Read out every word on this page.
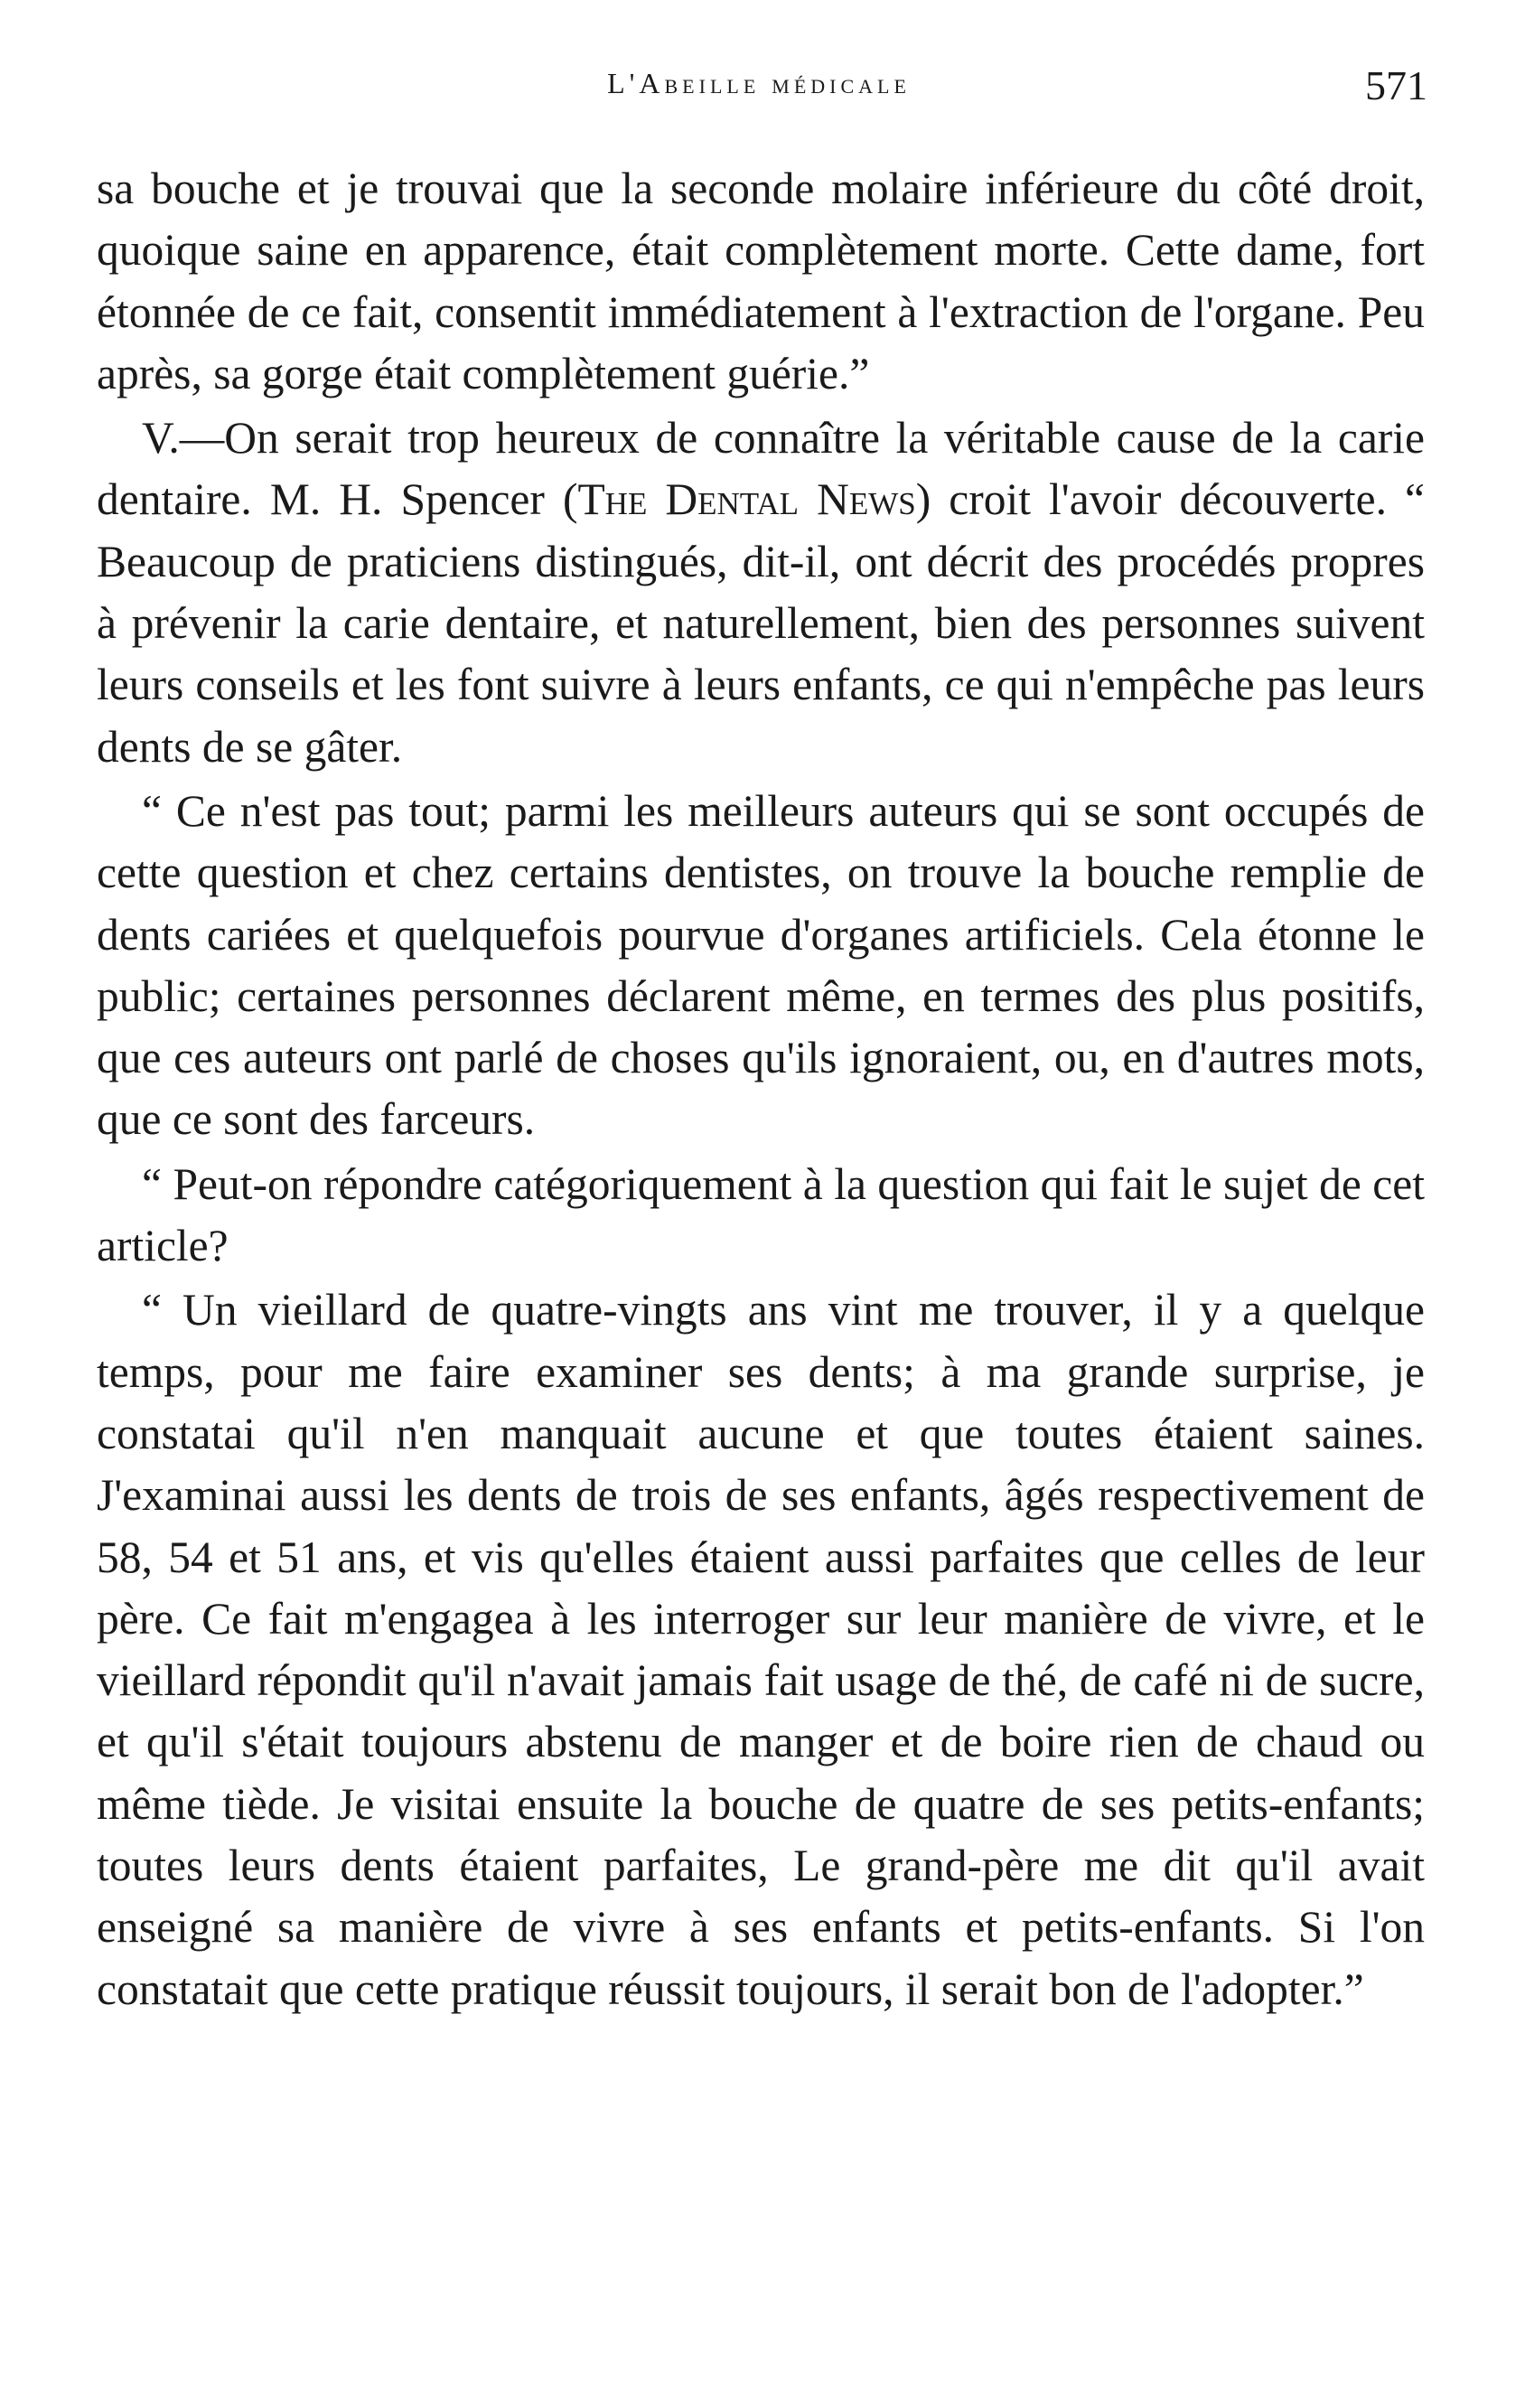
L'Abeille médicale	571

sa bouche et je trouvai que la seconde molaire inférieure du côté droit, quoique saine en apparence, était complètement morte. Cette dame, fort étonnée de ce fait, consentit immédiatement à l'extraction de l'organe. Peu après, sa gorge était complètement guérie.”

V.—On serait trop heureux de connaître la véritable cause de la carie dentaire. M. H. Spencer (The Dental News) croit l'avoir découverte. “ Beaucoup de praticiens distingués, dit-il, ont décrit des procédés propres à prévenir la carie dentaire, et naturellement, bien des personnes suivent leurs conseils et les font suivre à leurs enfants, ce qui n'empêche pas leurs dents de se gâter.

“ Ce n'est pas tout; parmi les meilleurs auteurs qui se sont occupés de cette question et chez certains dentistes, on trouve la bouche remplie de dents cariées et quelquefois pourvue d'organes artificiels. Cela étonne le public; certaines personnes déclarent même, en termes des plus positifs, que ces auteurs ont parlé de choses qu'ils ignoraient, ou, en d'autres mots, que ce sont des farceurs.

“ Peut-on répondre catégoriquement à la question qui fait le sujet de cet article?

“ Un vieillard de quatre-vingts ans vint me trouver, il y a quelque temps, pour me faire examiner ses dents; à ma grande surprise, je constatai qu'il n'en manquait aucune et que toutes étaient saines. J'examinai aussi les dents de trois de ses enfants, âgés respectivement de 58, 54 et 51 ans, et vis qu'elles étaient aussi parfaites que celles de leur père. Ce fait m'engagea à les interroger sur leur manière de vivre, et le vieillard répondit qu'il n'avait jamais fait usage de thé, de café ni de sucre, et qu'il s'était toujours abstenu de manger et de boire rien de chaud ou même tiède. Je visitai ensuite la bouche de quatre de ses petits-enfants; toutes leurs dents étaient parfaites, Le grand-père me dit qu'il avait enseigné sa manière de vivre à ses enfants et petits-enfants. Si l'on constatait que cette pratique réussit toujours, il serait bon de l'adopter.”
